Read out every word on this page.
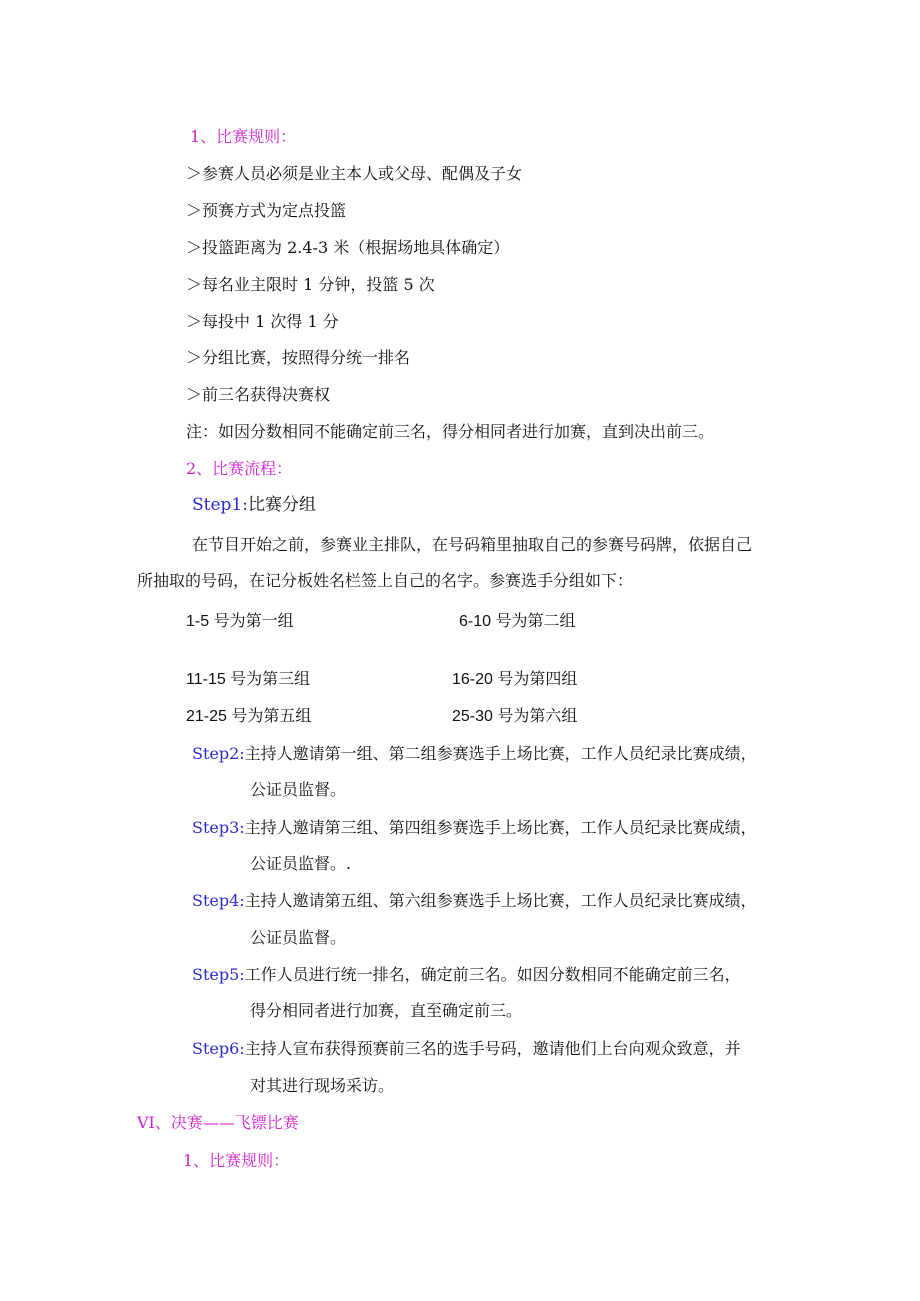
1、比赛规则：
＞参赛人员必须是业主本人或父母、配偶及子女
＞预赛方式为定点投篮
＞投篮距离为 2.4-3 米（根据场地具体确定）
＞每名业主限时 1 分钟，投篮 5 次
＞每投中 1 次得 1 分
＞分组比赛，按照得分统一排名
＞前三名获得决赛权
注：如因分数相同不能确定前三名，得分相同者进行加赛，直到决出前三。
2、比赛流程：
Step1:比赛分组
在节目开始之前，参赛业主排队，在号码箱里抽取自己的参赛号码牌，依据自己
所抽取的号码，在记分板姓名栏签上自己的名字。参赛选手分组如下：
1-5 号为第一组	6-10 号为第二组
11-15 号为第三组	16-20 号为第四组
21-25 号为第五组	25-30 号为第六组
Step2:主持人邀请第一组、第二组参赛选手上场比赛，工作人员纪录比赛成绩，
公证员监督。
Step3:主持人邀请第三组、第四组参赛选手上场比赛，工作人员纪录比赛成绩，
公证员监督。.
Step4:主持人邀请第五组、第六组参赛选手上场比赛，工作人员纪录比赛成绩，
公证员监督。
Step5:工作人员进行统一排名，确定前三名。如因分数相同不能确定前三名，
得分相同者进行加赛，直至确定前三。
Step6:主持人宣布获得预赛前三名的选手号码，邀请他们上台向观众致意，并
对其进行现场采访。
VI、决赛——飞镖比赛
1、比赛规则：
